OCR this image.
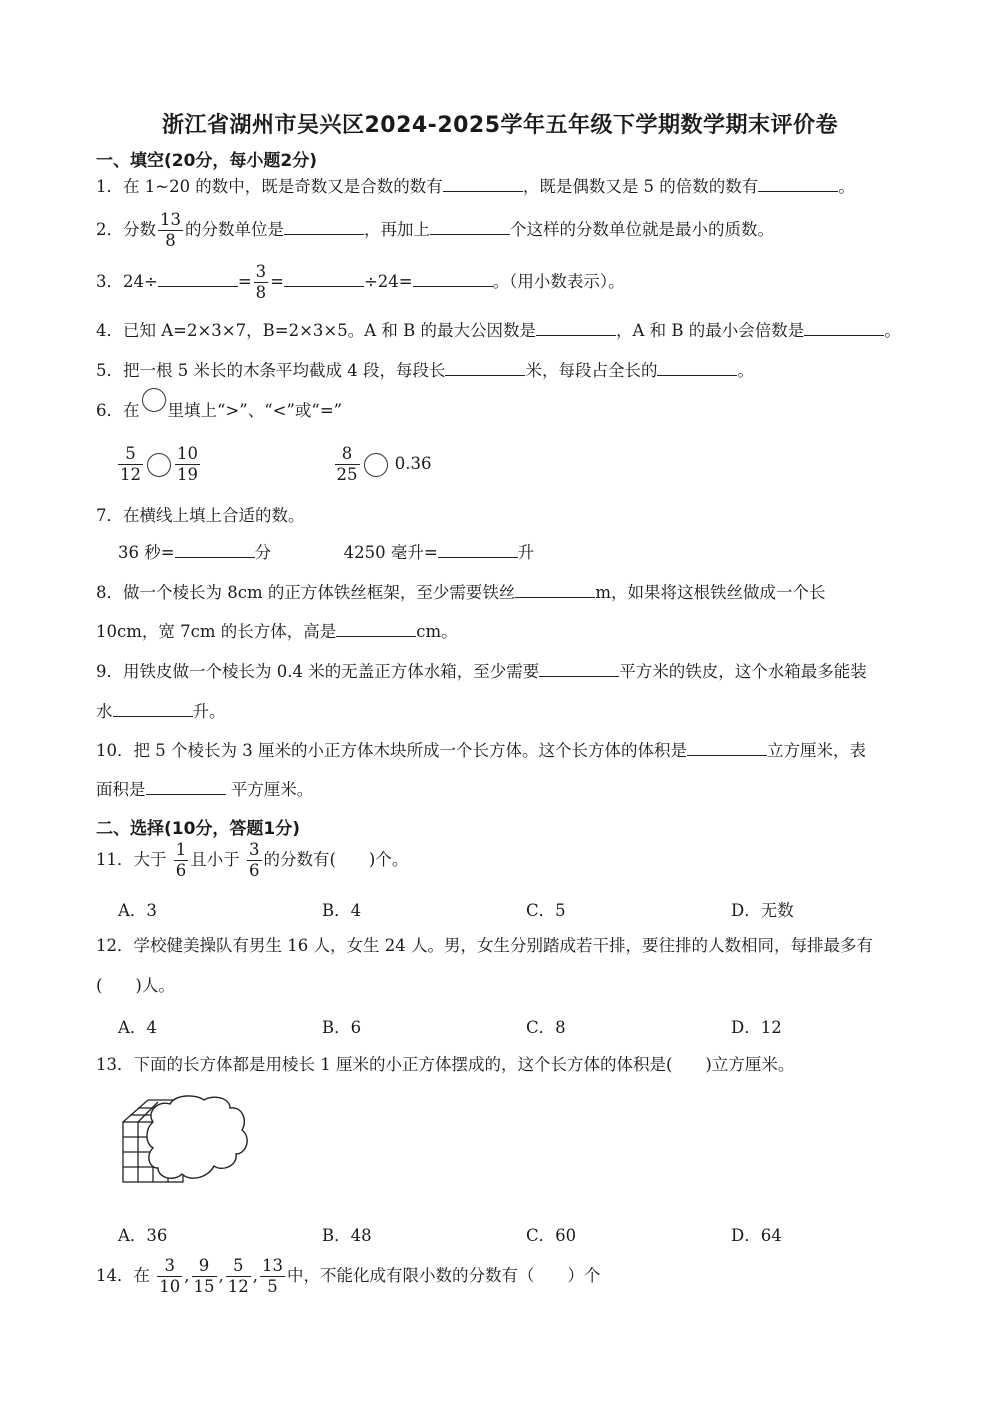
浙江省湖州市吴兴区2024-2025学年五年级下学期数学期末评价卷
一、填空(20分，每小题2分)
1．在 1~20 的数中，既是奇数又是合数的数有	，既是偶数又是 5 的倍数的数有	。
2．分数 $\frac{13}{8}$ 的分数单位是	，再加上	个这样的分数单位就是最小的质数。
3．24÷	= $\frac{3}{8}$ =	÷24=	。（用小数表示）。
4．已知 A=2×3×7，B=2×3×5。A 和 B 的最大公因数是	，A 和 B 的最小会倍数是	。
5．把一根 5 米长的木条平均截成 4 段，每段长	米，每段占全长的	。
6．在 里填上“>”、“<”或“=”
$\frac{5}{12} \frac{10}{19}$
	$\frac{8}{25} 0.36$
7．在横线上填上合适的数。
36 秒=	分	4250 毫升=	升
8．做一个棱长为 8cm 的正方体铁丝框架，至少需要铁丝	m，如果将这根铁丝做成一个长
10cm，宽 7cm 的长方体，高是	cm。
9．用铁皮做一个棱长为 0.4 米的无盖正方体水箱，至少需要	平方米的铁皮，这个水箱最多能装
水	升。
10．把 5 个棱长为 3 厘米的小正方体木块所成一个长方体。这个长方体的体积是	立方厘米，表
面积是	平方厘米。
二、选择(10分，答题1分)
11．大于 $\frac{1}{6}$ 且小于 $\frac{3}{6}$ 的分数有(　　)个。
A．3	B．4	C．5	D．无数
12．学校健美操队有男生 16 人，女生 24 人。男，女生分别踏成若干排，要往排的人数相同，每排最多有
(　　)人。
A．4	B．6	C．8	D．12
13．下面的长方体都是用棱长 1 厘米的小正方体摆成的，这个长方体的体积是(　　)立方厘米。
A．36	B．48	C．60	D．64
14．在 $\frac{3}{10}$ , $\frac{9}{15}$ , $\frac{5}{12}$ , $\frac{13}{5}$ 中，不能化成有限小数的分数有（　　）个
